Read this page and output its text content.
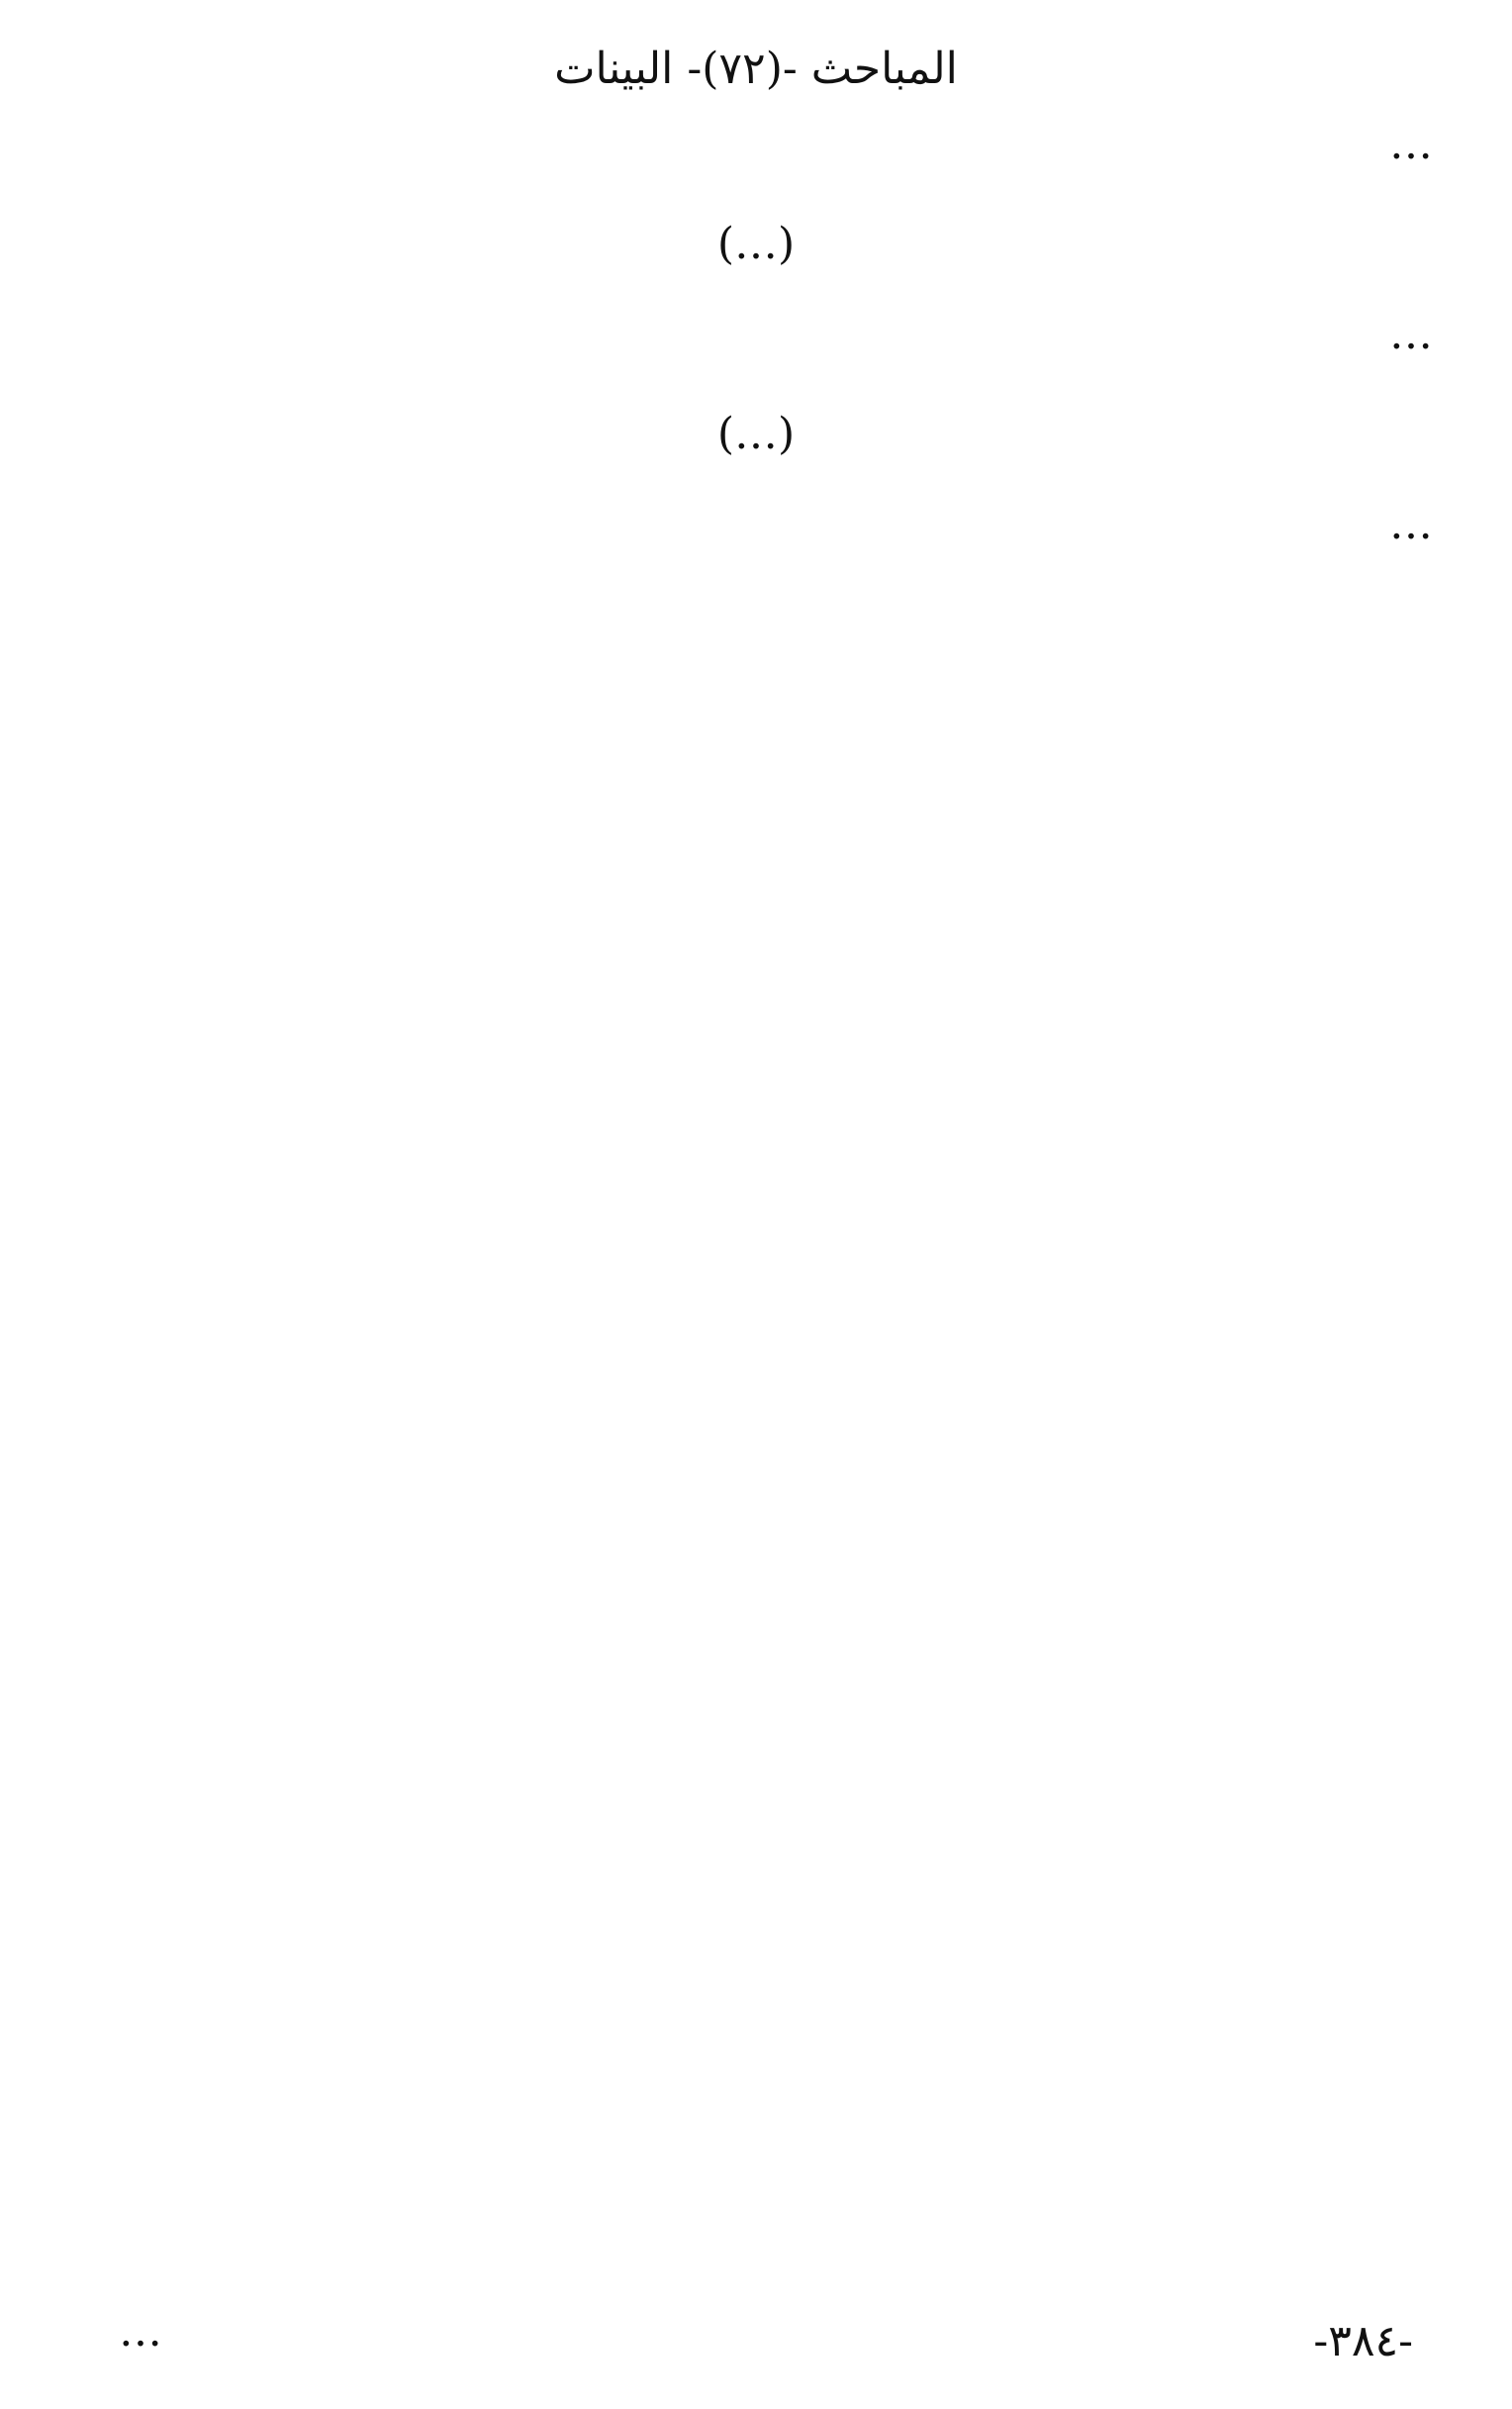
المباحث -(٧٢)- البينات

…

(…)

…

(…)

…

…	-٣٨٤-
